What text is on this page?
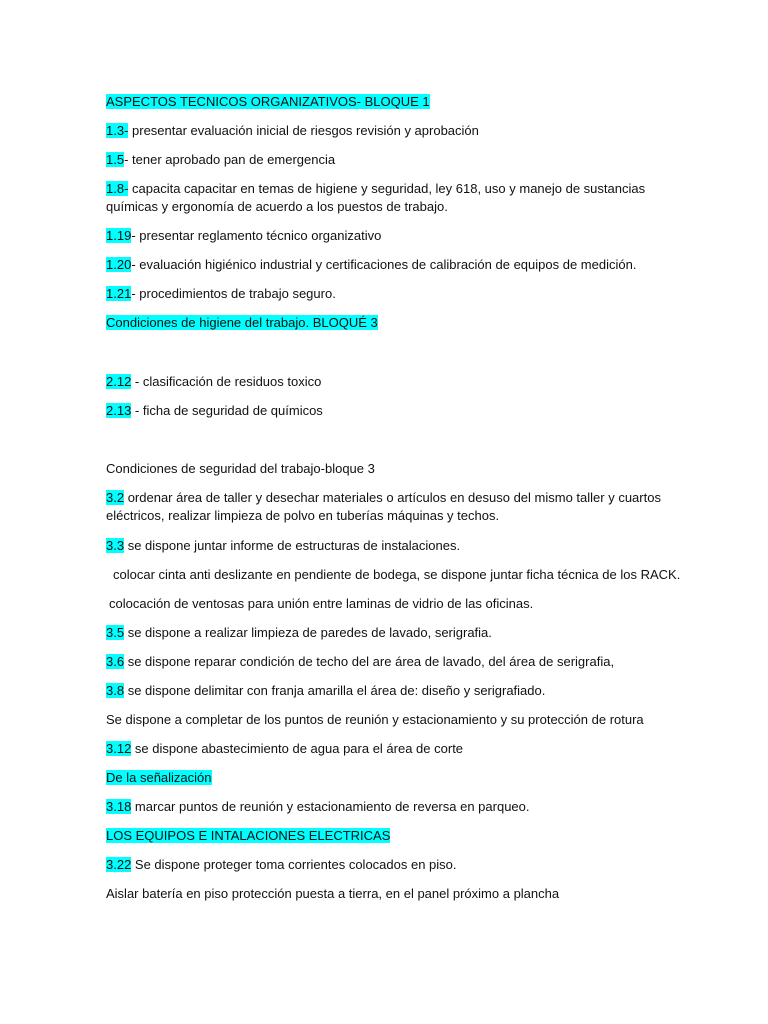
ASPECTOS TECNICOS ORGANIZATIVOS- BLOQUE 1
1.3- presentar evaluación inicial de riesgos revisión y aprobación
1.5- tener aprobado pan de emergencia
1.8- capacita capacitar en temas de higiene y seguridad, ley 618, uso y manejo de sustancias químicas y ergonomía de acuerdo a los puestos de trabajo.
1.19- presentar reglamento técnico organizativo
1.20- evaluación higiénico industrial y certificaciones de calibración de equipos de medición.
1.21- procedimientos de trabajo seguro.
Condiciones de higiene del trabajo. BLOQUÉ 3
2.12 - clasificación de residuos toxico
2.13 - ficha de seguridad de químicos
Condiciones de seguridad del trabajo-bloque 3
3.2 ordenar área de taller y desechar materiales o artículos en desuso del mismo taller y cuartos eléctricos, realizar limpieza de polvo en tuberías máquinas y techos.
3.3 se dispone juntar informe de estructuras de instalaciones.
colocar cinta anti deslizante en pendiente de bodega, se dispone juntar ficha técnica de los RACK.
colocación de ventosas para unión entre laminas de vidrio de las oficinas.
3.5 se dispone a realizar limpieza de paredes de lavado, serigrafia.
3.6 se dispone reparar condición de techo del are área de lavado, del área de serigrafia,
3.8 se dispone delimitar con franja amarilla el área de: diseño y serigrafiado.
Se dispone a completar de los puntos de reunión y estacionamiento y su protección de rotura
3.12 se dispone abastecimiento de agua para el área de corte
De la señalización
3.18 marcar puntos de reunión y estacionamiento de reversa en parqueo.
LOS EQUIPOS E INTALACIONES ELECTRICAS
3.22 Se dispone proteger toma corrientes colocados en piso.
Aislar batería en piso protección puesta a tierra, en el panel próximo a plancha
